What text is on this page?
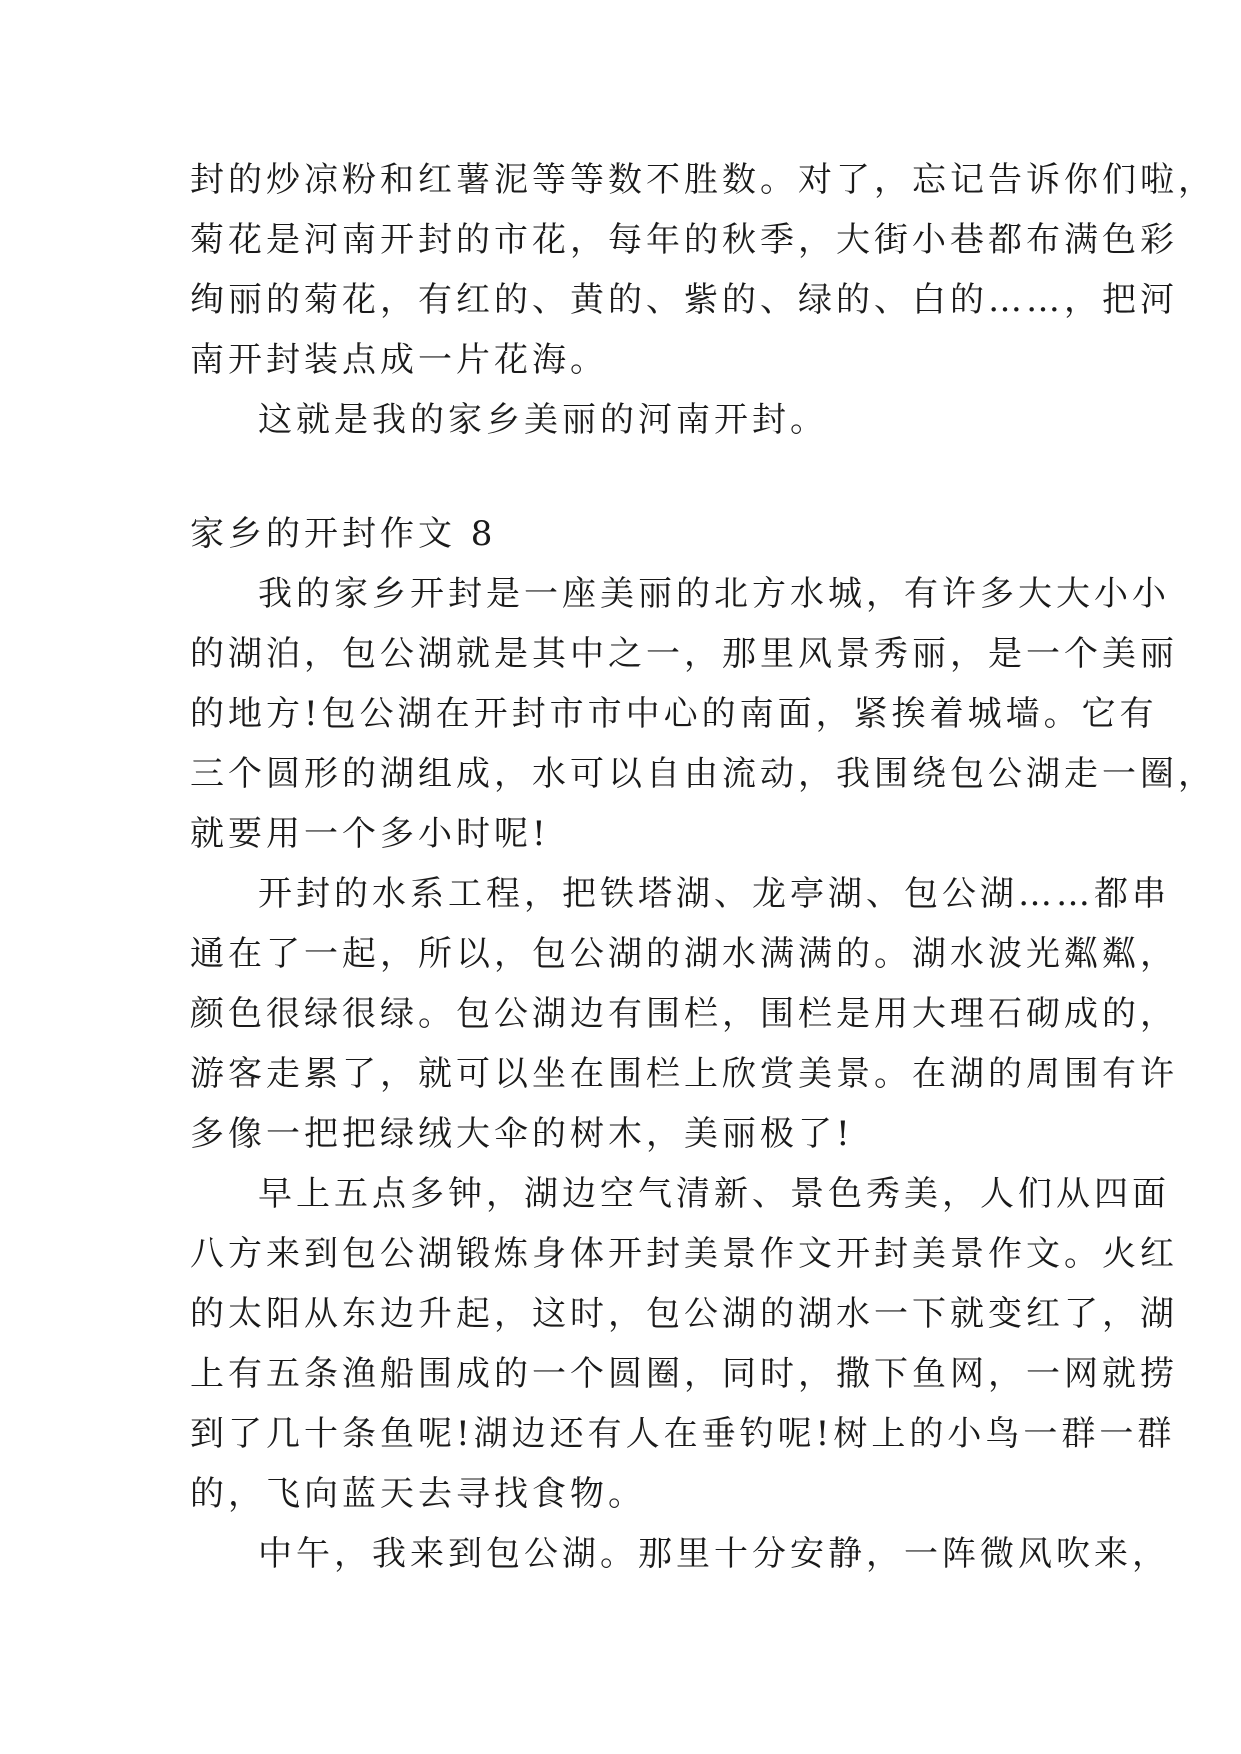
封的炒凉粉和红薯泥等等数不胜数。对了，忘记告诉你们啦，
菊花是河南开封的市花，每年的秋季，大街小巷都布满色彩
绚丽的菊花，有红的、黄的、紫的、绿的、白的……，把河
南开封装点成一片花海。
这就是我的家乡美丽的河南开封。
家乡的开封作文 8
我的家乡开封是一座美丽的北方水城，有许多大大小小
的湖泊，包公湖就是其中之一，那里风景秀丽，是一个美丽
的地方!包公湖在开封市市中心的南面，紧挨着城墙。它有
三个圆形的湖组成，水可以自由流动，我围绕包公湖走一圈，
就要用一个多小时呢!
开封的水系工程，把铁塔湖、龙亭湖、包公湖……都串
通在了一起，所以，包公湖的湖水满满的。湖水波光粼粼，
颜色很绿很绿。包公湖边有围栏，围栏是用大理石砌成的，
游客走累了，就可以坐在围栏上欣赏美景。在湖的周围有许
多像一把把绿绒大伞的树木，美丽极了!
早上五点多钟，湖边空气清新、景色秀美，人们从四面
八方来到包公湖锻炼身体开封美景作文开封美景作文。火红
的太阳从东边升起，这时，包公湖的湖水一下就变红了，湖
上有五条渔船围成的一个圆圈，同时，撒下鱼网，一网就捞
到了几十条鱼呢!湖边还有人在垂钓呢!树上的小鸟一群一群
的，飞向蓝天去寻找食物。
中午，我来到包公湖。那里十分安静，一阵微风吹来，
